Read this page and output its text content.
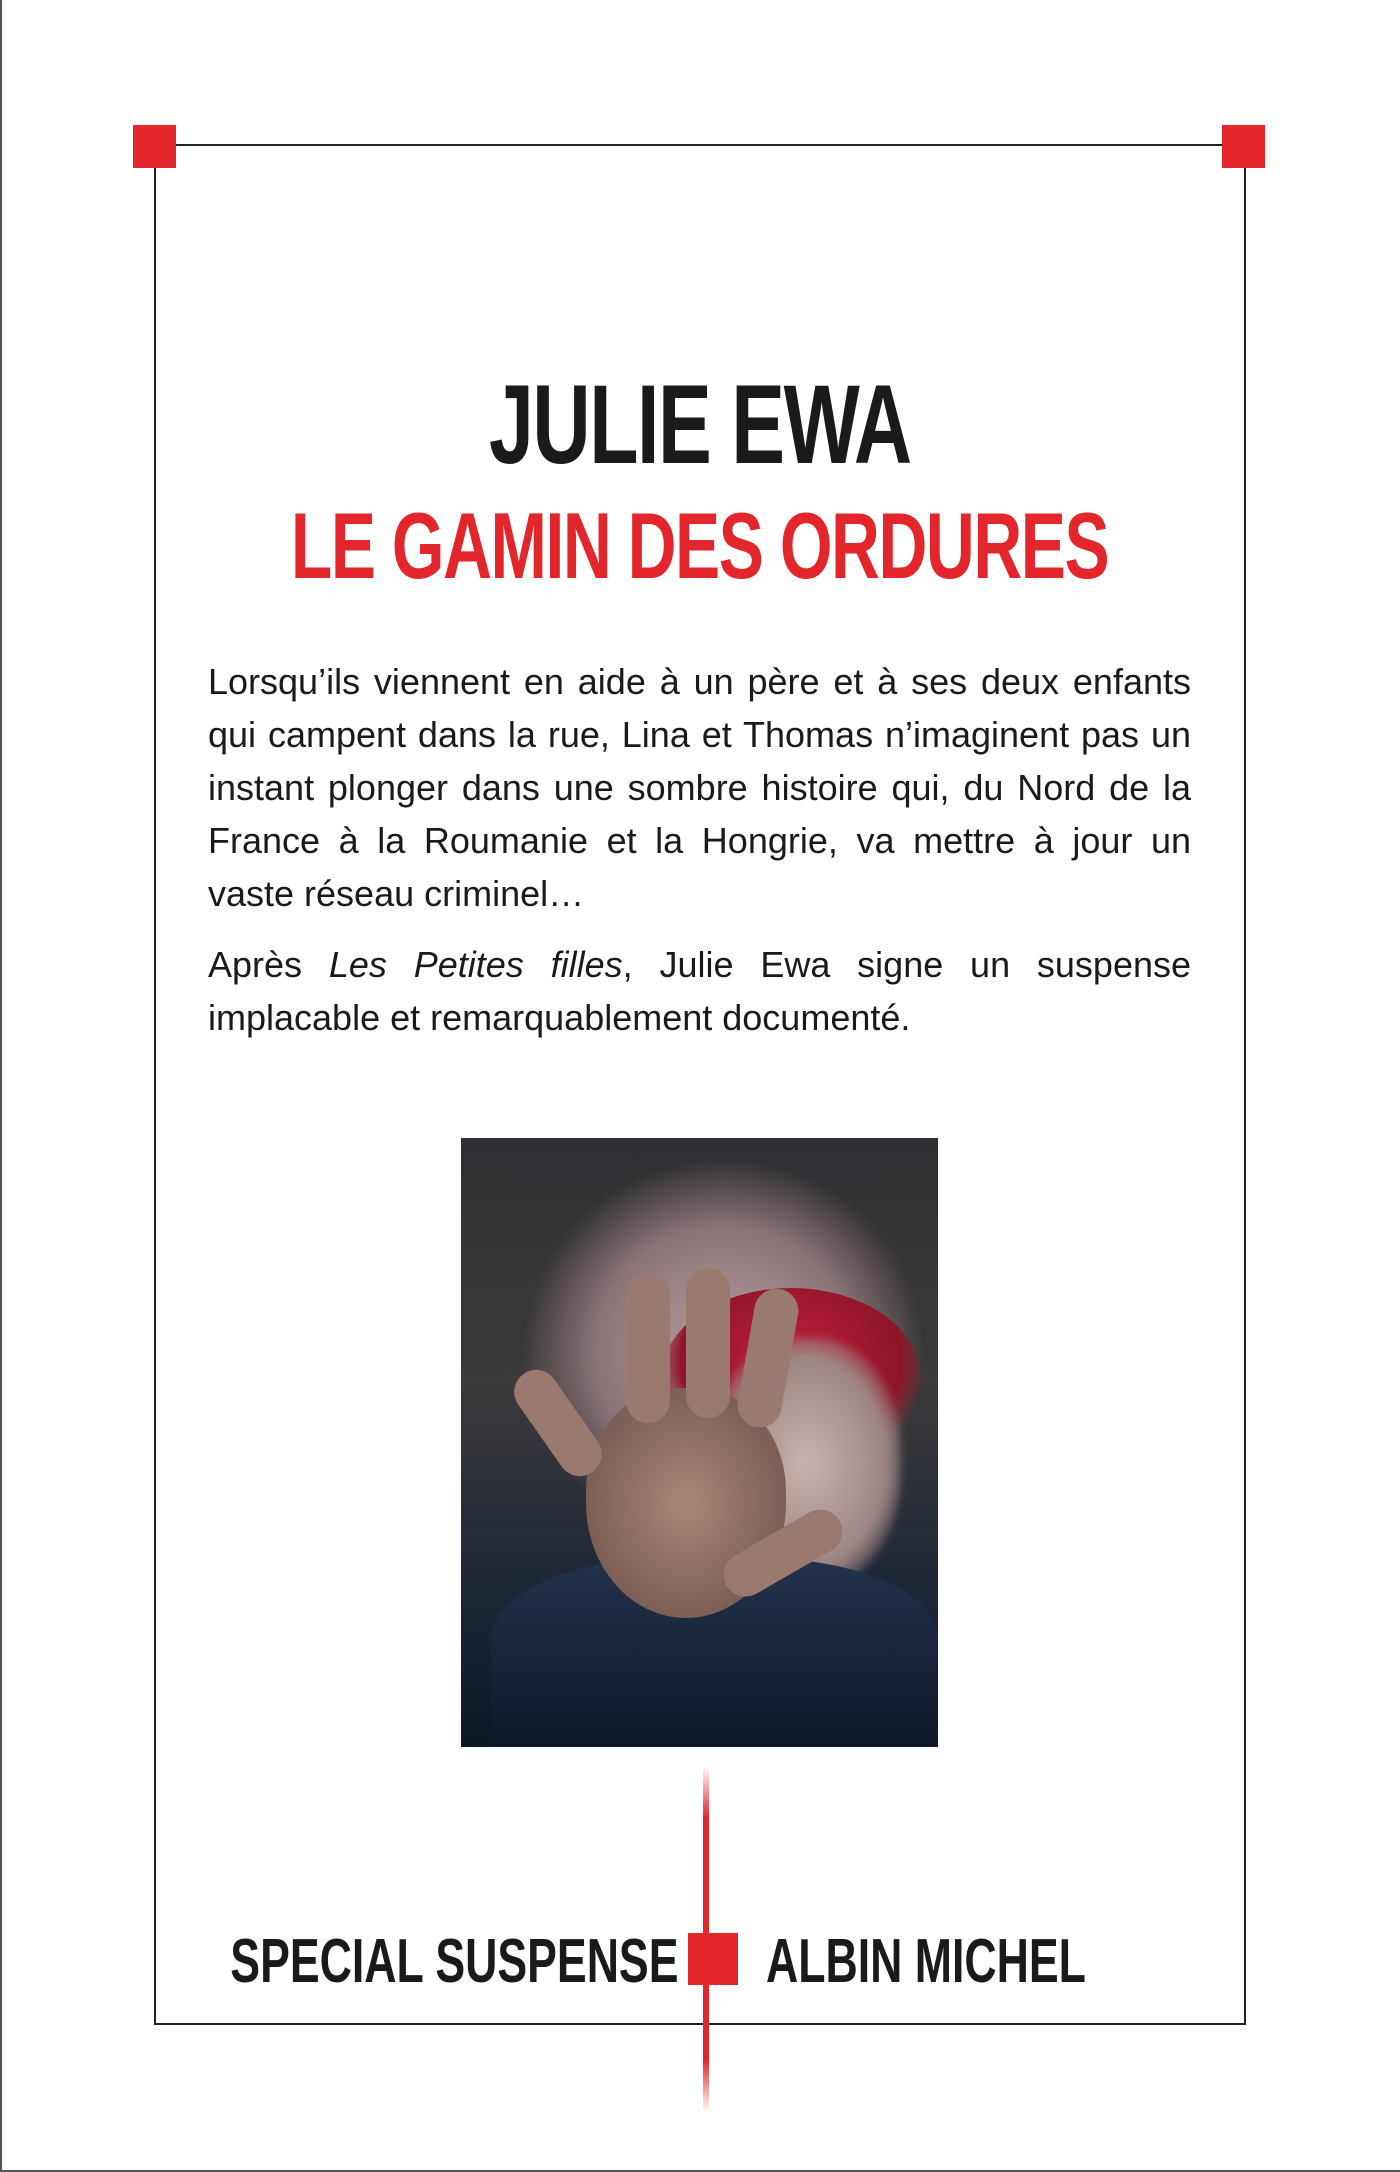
JULIE EWA
LE GAMIN DES ORDURES

Lorsqu’ils viennent en aide à un père et à ses deux enfants qui campent dans la rue, Lina et Thomas n’imaginent pas un instant plonger dans une sombre histoire qui, du Nord de la France à la Roumanie et la Hongrie, va mettre à jour un vaste réseau criminel…

Après Les Petites filles, Julie Ewa signe un suspense implacable et remarquablement documenté.

SPECIAL SUSPENSE ALBIN MICHEL
